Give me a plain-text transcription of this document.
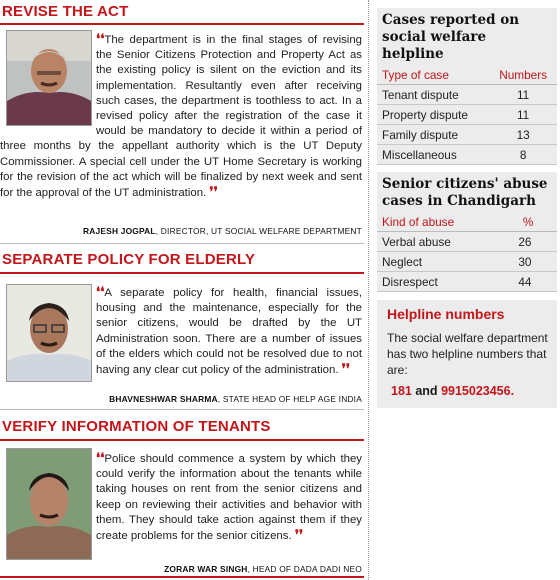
REVISE THE ACT
❛❛The department is in the final stages of revising the Senior Citizens Protection and Property Act as the existing policy is silent on the eviction and its implementation. Resultantly even after receiving such cases, the department is toothless to act. In a revised policy after the registration of the case it would be mandatory to decide it within a period of three months by the appellant authority which is the UT Deputy Commissioner. A special cell under the UT Home Secretary is working for the revision of the act which will be finalized by next week and sent for the approval of the UT administration. ❜❜
RAJESH JOGPAL, DIRECTOR, UT SOCIAL WELFARE DEPARTMENT
SEPARATE POLICY FOR ELDERLY
❛❛A separate policy for health, financial issues, housing and the maintenance, especially for the senior citizens, would be drafted by the UT Administration soon. There are a number of issues of the elders which could not be resolved due to not having any clear cut policy of the administration. ❜❜
BHAVNESHWAR SHARMA, STATE HEAD OF HELP AGE INDIA
VERIFY INFORMATION OF TENANTS
❛❛Police should commence a system by which they could verify the information about the tenants while taking houses on rent from the senior citizens and keep on reviewing their activities and behavior with them. They should take action against them if they create problems for the senior citizens. ❜❜
ZORAR WAR SINGH, HEAD OF DADA DADI NEO
Cases reported on social welfare helpline
Type of case	Numbers
Tenant dispute	11
Property dispute	11
Family dispute	13
Miscellaneous	8
Senior citizens' abuse cases in Chandigarh
Kind of abuse	%
Verbal abuse	26
Neglect	30
Disrespect	44
Helpline numbers
The social welfare department has two helpline numbers that are:
181 and 9915023456.
